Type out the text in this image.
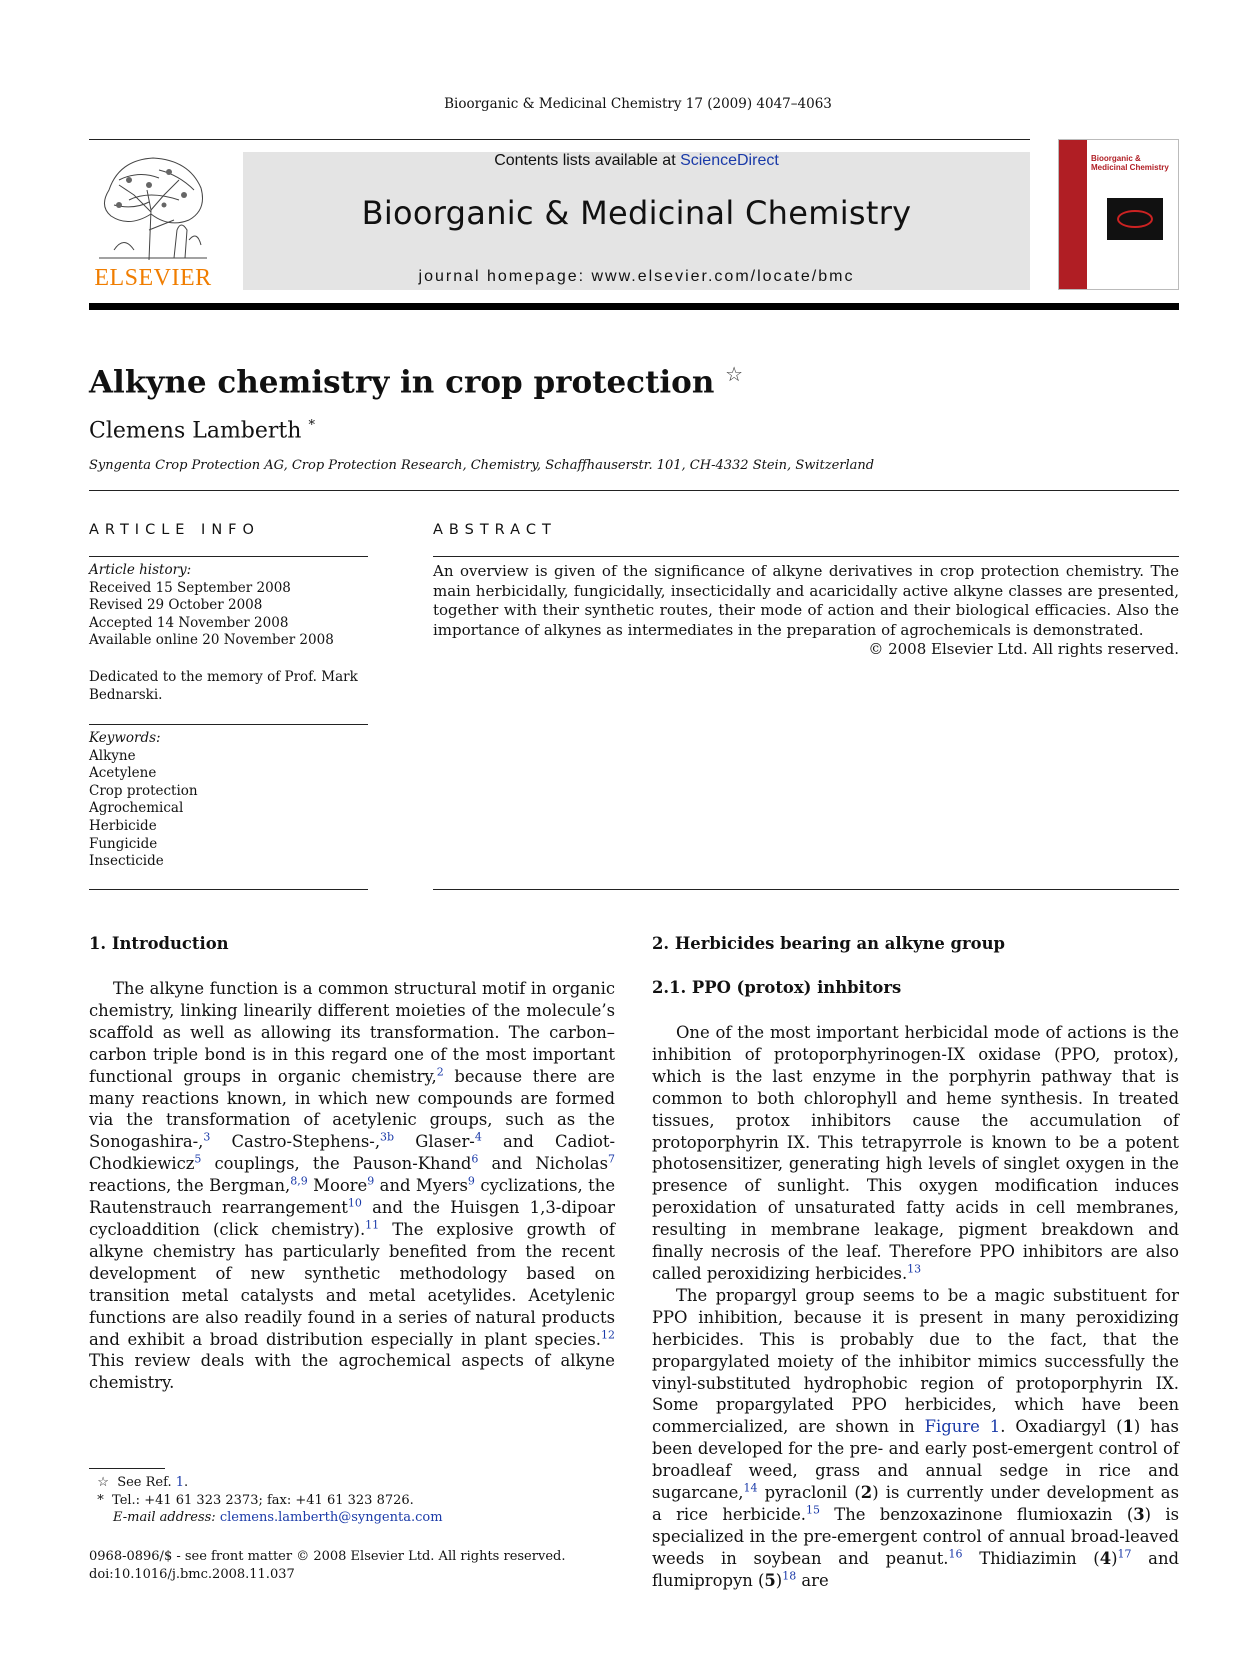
Bioorganic & Medicinal Chemistry 17 (2009) 4047–4063
ELSEVIER
Contents lists available at ScienceDirect
Bioorganic & Medicinal Chemistry
journal homepage: www.elsevier.com/locate/bmc
Bioorganic & Medicinal Chemistry
Alkyne chemistry in crop protection ☆
Clemens Lamberth *
Syngenta Crop Protection AG, Crop Protection Research, Chemistry, Schaffhauserstr. 101, CH-4332 Stein, Switzerland
ARTICLE INFO	ABSTRACT
Article history:
Received 15 September 2008
Revised 29 October 2008
Accepted 14 November 2008
Available online 20 November 2008
Dedicated to the memory of Prof. Mark
Bednarski.
Keywords:
Alkyne
Acetylene
Crop protection
Agrochemical
Herbicide
Fungicide
Insecticide
An overview is given of the significance of alkyne derivatives in crop protection chemistry. The main herbicidally, fungicidally, insecticidally and acaricidally active alkyne classes are presented, together with their synthetic routes, their mode of action and their biological efficacies. Also the importance of alkynes as intermediates in the preparation of agrochemicals is demonstrated.
© 2008 Elsevier Ltd. All rights reserved.
1. Introduction

The alkyne function is a common structural motif in organic chemistry, linking linearily different moieties of the molecule’s scaffold as well as allowing its transformation. The carbon–carbon triple bond is in this regard one of the most important functional groups in organic chemistry,$^2$ because there are many reactions known, in which new compounds are formed via the transformation of acetylenic groups, such as the Sonogashira-,$^3$ Castro-Stephens-,$^{3b}$ Glaser-$^4$ and Cadiot-Chodkiewicz$^5$ couplings, the Pauson-Khand$^6$ and Nicholas$^7$ reactions, the Bergman,$^{8,9}$ Moore$^9$ and Myers$^9$ cyclizations, the Rautenstrauch rearrangement$^{10}$ and the Huisgen 1,3-dipoar cycloaddition (click chemistry).$^{11}$ The explosive growth of alkyne chemistry has particularly benefited from the recent development of new synthetic methodology based on transition metal catalysts and metal acetylides. Acetylenic functions are also readily found in a series of natural products and exhibit a broad distribution especially in plant species.$^{12}$ This review deals with the agrochemical aspects of alkyne chemistry.

2. Herbicides bearing an alkyne group
2.1. PPO (protox) inhbitors

One of the most important herbicidal mode of actions is the inhibition of protoporphyrinogen-IX oxidase (PPO, protox), which is the last enzyme in the porphyrin pathway that is common to both chlorophyll and heme synthesis. In treated tissues, protox inhibitors cause the accumulation of protoporphyrin IX. This tetrapyrrole is known to be a potent photosensitizer, generating high levels of singlet oxygen in the presence of sunlight. This oxygen modification induces peroxidation of unsaturated fatty acids in cell membranes, resulting in membrane leakage, pigment breakdown and finally necrosis of the leaf. Therefore PPO inhibitors are also called peroxidizing herbicides.$^{13}$

The propargyl group seems to be a magic substituent for PPO inhibition, because it is present in many peroxidizing herbicides. This is probably due to the fact, that the propargylated moiety of the inhibitor mimics successfully the vinyl-substituted hydrophobic region of protoporphyrin IX. Some propargylated PPO herbicides, which have been commercialized, are shown in Figure 1. Oxadiargyl (1) has been developed for the pre- and early post-emergent control of broadleaf weed, grass and annual sedge in rice and sugarcane,$^{14}$ pyraclonil (2) is currently under development as a rice herbicide.$^{15}$ The benzoxazinone flumioxazin (3) is specialized in the pre-emergent control of annual broad-leaved weeds in soybean and peanut.$^{16}$ Thidiazimin $(4)^{17}$ and flumipropyn $(5)^{18}$ are

☆ See Ref. 1.
* Tel.: +41 61 323 2373; fax: +41 61 323 8726.
E-mail address: clemens.lamberth@syngenta.com
0968-0896/$ - see front matter © 2008 Elsevier Ltd. All rights reserved.
doi:10.1016/j.bmc.2008.11.037
